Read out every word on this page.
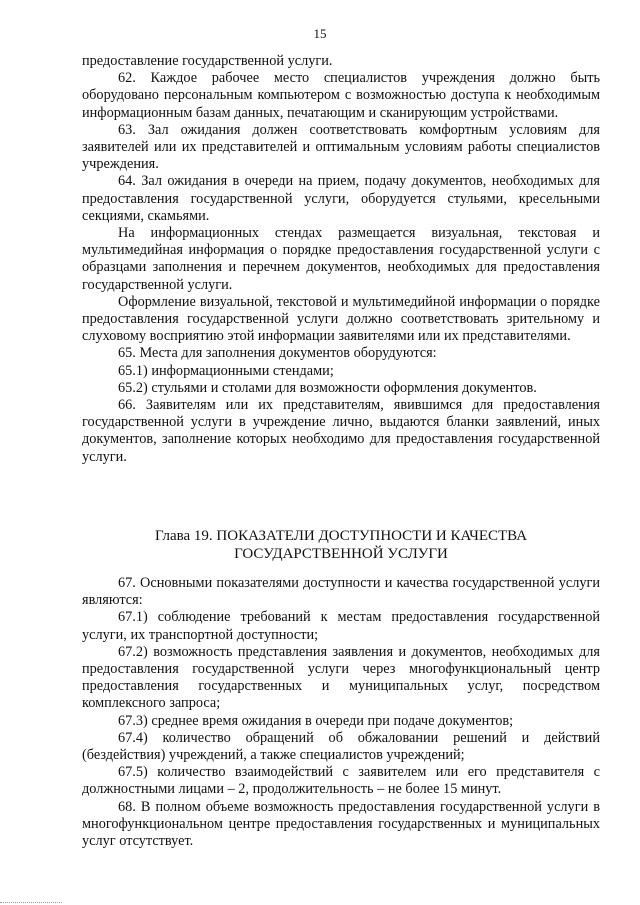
15

предоставление государственной услуги.

62. Каждое рабочее место специалистов учреждения должно быть оборудовано персональным компьютером с возможностью доступа к необходимым информационным базам данных, печатающим и сканирующим устройствами.

63. Зал ожидания должен соответствовать комфортным условиям для заявителей или их представителей и оптимальным условиям работы специалистов учреждения.

64. Зал ожидания в очереди на прием, подачу документов, необходимых для предоставления государственной услуги, оборудуется стульями, кресельными секциями, скамьями.

На информационных стендах размещается визуальная, текстовая и мультимедийная информация о порядке предоставления государственной услуги с образцами заполнения и перечнем документов, необходимых для предоставления государственной услуги.

Оформление визуальной, текстовой и мультимедийной информации о порядке предоставления государственной услуги должно соответствовать зрительному и слуховому восприятию этой информации заявителями или их представителями.

65. Места для заполнения документов оборудуются:

65.1) информационными стендами;

65.2) стульями и столами для возможности оформления документов.

66. Заявителям или их представителям, явившимся для предоставления государственной услуги в учреждение лично, выдаются бланки заявлений, иных документов, заполнение которых необходимо для предоставления государственной услуги.

Глава 19. ПОКАЗАТЕЛИ ДОСТУПНОСТИ И КАЧЕСТВА
ГОСУДАРСТВЕННОЙ УСЛУГИ

67. Основными показателями доступности и качества государственной услуги являются:

67.1) соблюдение требований к местам предоставления государственной услуги, их транспортной доступности;

67.2) возможность представления заявления и документов, необходимых для предоставления государственной услуги через многофункциональный центр предоставления государственных и муниципальных услуг, посредством комплексного запроса;

67.3) среднее время ожидания в очереди при подаче документов;

67.4) количество обращений об обжаловании решений и действий (бездействия) учреждений, а также специалистов учреждений;

67.5) количество взаимодействий с заявителем или его представителя с должностными лицами – 2, продолжительность – не более 15 минут.

68. В полном объеме возможность предоставления государственной услуги в многофункциональном центре предоставления государственных и муниципальных услуг отсутствует.
